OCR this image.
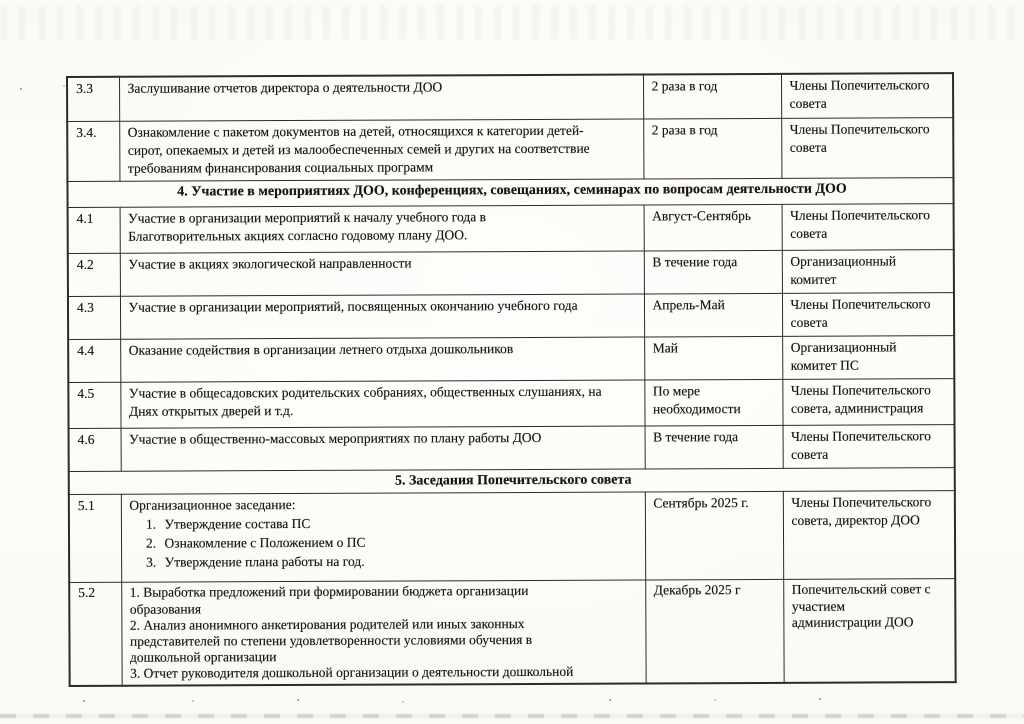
3.3	Заслушивание отчетов директора о деятельности ДОО	2 раза в год	Члены Попечительского
совета
3.4.	Ознакомление с пакетом документов на детей, относящихся к категории детей-
сирот, опекаемых и детей из малообеспеченных семей и других на соответствие
требованиям финансирования социальных программ	2 раза в год	Члены Попечительского
совета
4. Участие в мероприятиях ДОО, конференциях, совещаниях, семинарах по вопросам деятельности ДОО			
4.1	Участие в организации мероприятий к началу учебного года в
Благотворительных акциях согласно годовому плану ДОО.	Август-Сентябрь	Члены Попечительского
совета
4.2	Участие в акциях экологической направленности	В течение года	Организационный
комитет
4.3	Участие в организации мероприятий, посвященных окончанию учебного года	Апрель-Май	Члены Попечительского
совета
4.4	Оказание содействия в организации летнего отдыха дошкольников	Май	Организационный
комитет ПС
4.5	Участие в общесадовских родительских собраниях, общественных слушаниях, на
Днях открытых дверей и т.д.	По мере
необходимости	Члены Попечительского
совета, администрация
4.6	Участие в общественно-массовых мероприятиях по плану работы ДОО	В течение года	Члены Попечительского
совета
5. Заседания Попечительского совета			
5.1	Организационное заседание:

1. Утверждение состава ПС
2. Ознакомление с Положением о ПС
3. Утверждение плана работы на год.
	Сентябрь 2025 г.	Члены Попечительского
совета, директор ДОО
5.2	1. Выработка предложений при формировании бюджета организации
образования
2. Анализ анонимного анкетирования родителей или иных законных
представителей по степени удовлетворенности условиями обучения в
дошкольной организации
3. Отчет руководителя дошкольной организации о деятельности дошкольной	Декабрь 2025 г	Попечительский совет с
участием
администрации ДОО
